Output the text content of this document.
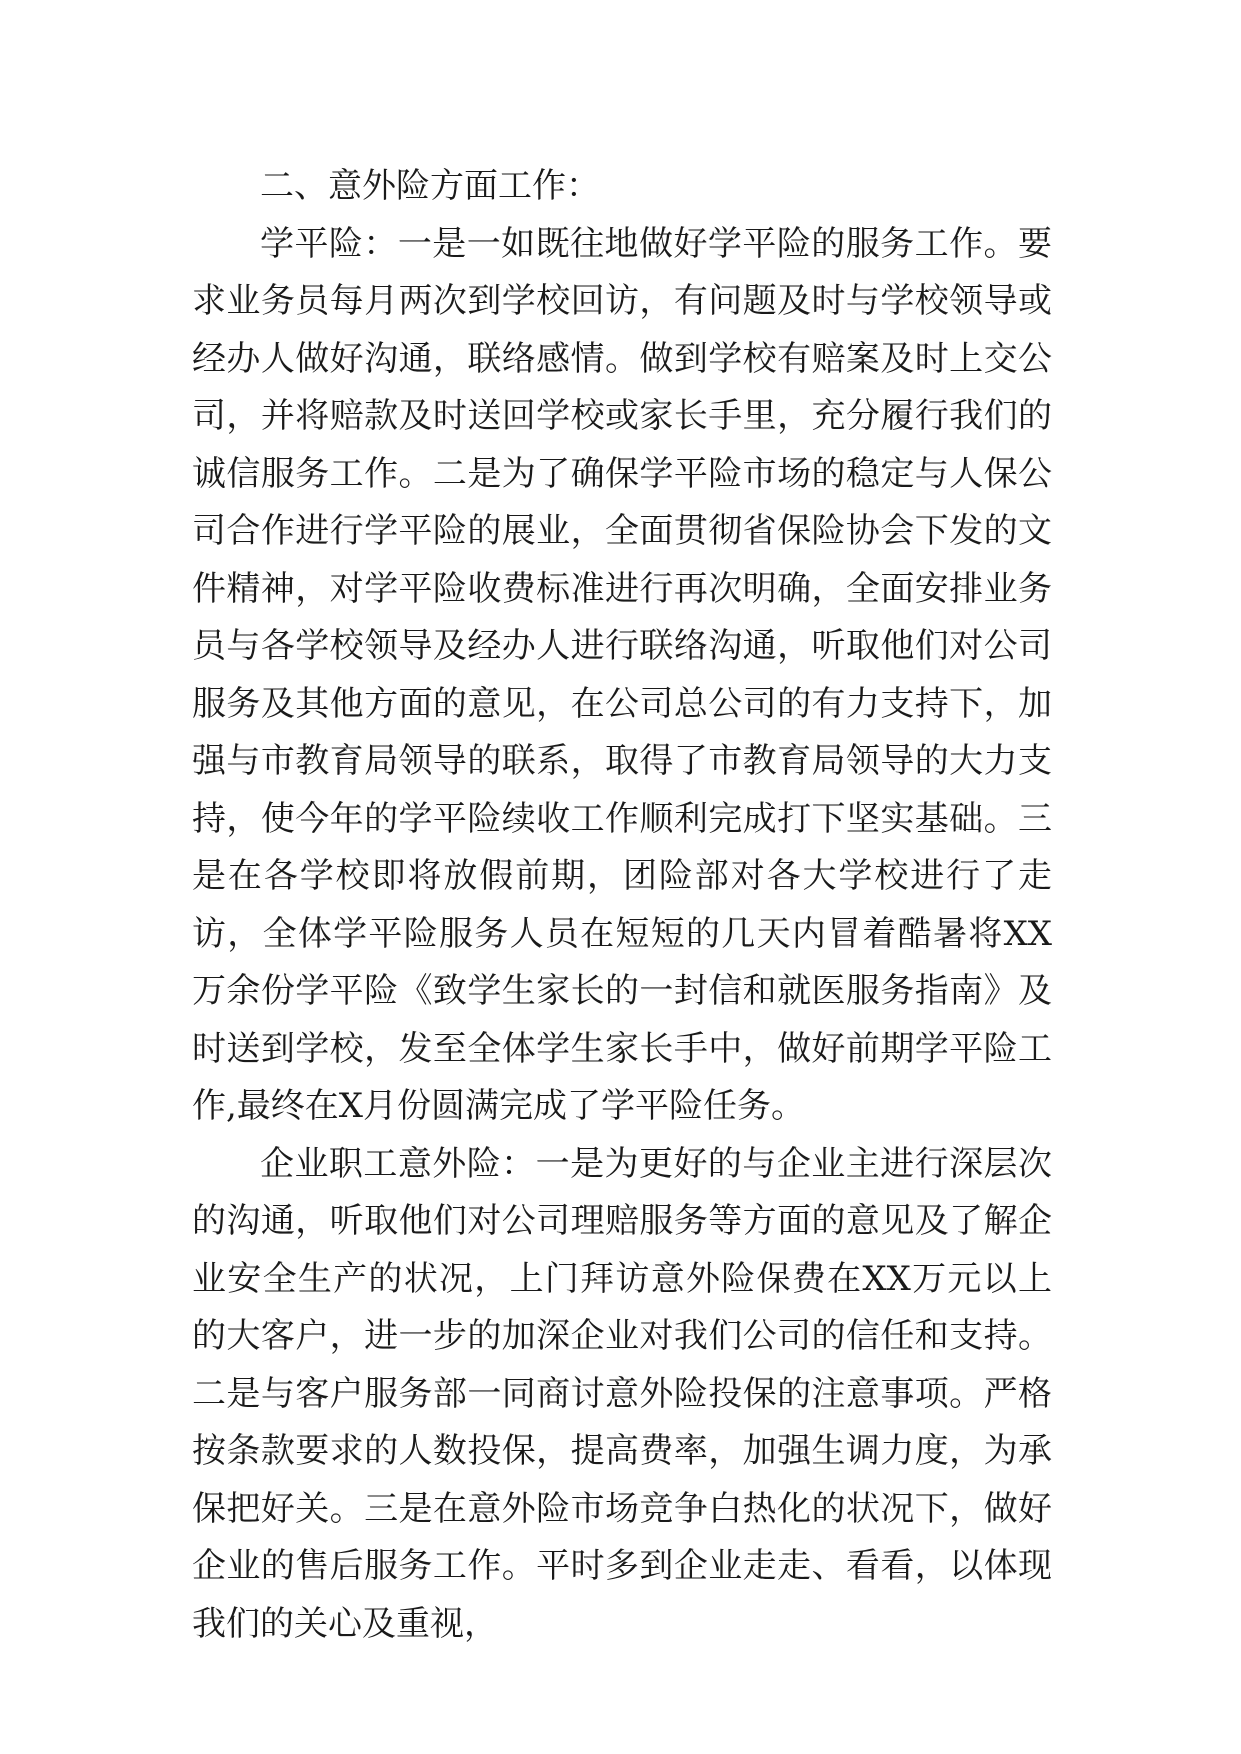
二、意外险方面工作：

学平险：一是一如既往地做好学平险的服务工作。要求业务员每月两次到学校回访，有问题及时与学校领导或经办人做好沟通，联络感情。做到学校有赔案及时上交公司，并将赔款及时送回学校或家长手里，充分履行我们的诚信服务工作。二是为了确保学平险市场的稳定与人保公司合作进行学平险的展业，全面贯彻省保险协会下发的文件精神，对学平险收费标准进行再次明确，全面安排业务员与各学校领导及经办人进行联络沟通，听取他们对公司服务及其他方面的意见，在公司总公司的有力支持下，加强与市教育局领导的联系，取得了市教育局领导的大力支持，使今年的学平险续收工作顺利完成打下坚实基础。三是在各学校即将放假前期，团险部对各大学校进行了走访，全体学平险服务人员在短短的几天内冒着酷暑将XX万余份学平险《致学生家长的一封信和就医服务指南》及时送到学校，发至全体学生家长手中，做好前期学平险工作,最终在X月份圆满完成了学平险任务。

企业职工意外险：一是为更好的与企业主进行深层次的沟通，听取他们对公司理赔服务等方面的意见及了解企业安全生产的状况，上门拜访意外险保费在XX万元以上的大客户，进一步的加深企业对我们公司的信任和支持。二是与客户服务部一同商讨意外险投保的注意事项。严格按条款要求的人数投保，提高费率，加强生调力度，为承保把好关。三是在意外险市场竞争白热化的状况下，做好企业的售后服务工作。平时多到企业走走、看看，以体现我们的关心及重视，
